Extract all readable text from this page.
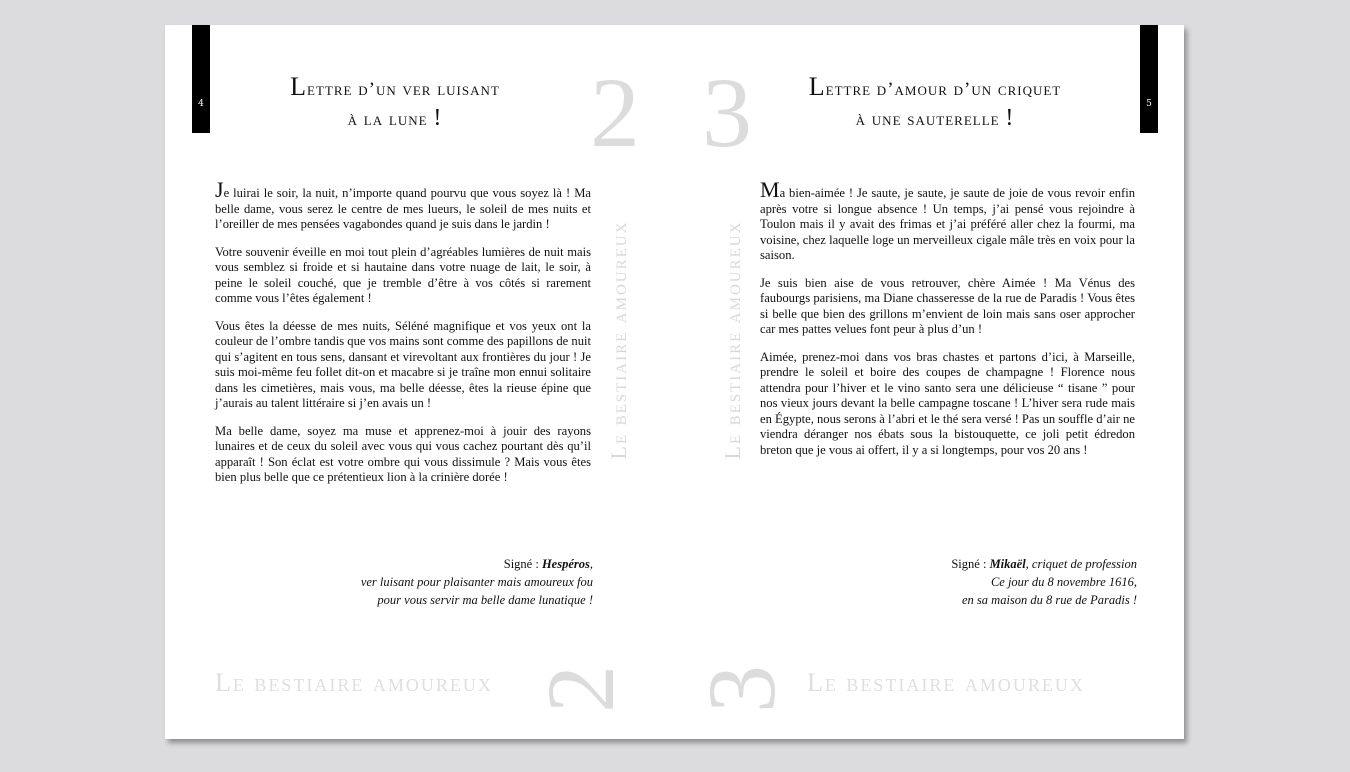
4
Lettre d’un ver luisant
à la lune !	2
Le bestiaire amoureux

Je luirai le soir, la nuit, n’importe quand pourvu que vous soyez là ! Ma belle dame, vous serez le centre de mes lueurs, le soleil de mes nuits et l’oreiller de mes pensées vagabondes quand je suis dans le jardin !

Votre souvenir éveille en moi tout plein d’agréables lumières de nuit mais vous semblez si froide et si hautaine dans votre nuage de lait, le soir, à peine le soleil couché, que je tremble d’être à vos côtés si rarement comme vous l’êtes également !

Vous êtes la déesse de mes nuits, Séléné magnifique et vos yeux ont la couleur de l’ombre tandis que vos mains sont comme des papillons de nuit qui s’agitent en tous sens, dansant et virevoltant aux frontières du jour ! Je suis moi-même feu follet dit-on et macabre si je traîne mon ennui solitaire dans les cimetières, mais vous, ma belle déesse, êtes la rieuse épine que j’aurais au talent littéraire si j’en avais un !

Ma belle dame, soyez ma muse et apprenez-moi à jouir des rayons lunaires et de ceux du soleil avec vous qui vous cachez pourtant dès qu’il apparaît ! Son éclat est votre ombre qui vous dissimule ? Mais vous êtes bien plus belle que ce prétentieux lion à la crinière dorée !

Signé : Hespéros,
ver luisant pour plaisanter mais amoureux fou
pour vous servir ma belle dame lunatique !
Le bestiaire amoureux 2
5
Lettre d’amour d’un criquet
à une sauterelle !
3
Le bestiaire amoureux

Ma bien-aimée ! Je saute, je saute, je saute de joie de vous revoir enfin après votre si longue absence ! Un temps, j’ai pensé vous rejoindre à Toulon mais il y avait des frimas et j’ai préféré aller chez la fourmi, ma voisine, chez laquelle loge un merveilleux cigale mâle très en voix pour la saison.

Je suis bien aise de vous retrouver, chère Aimée ! Ma Vénus des faubourgs parisiens, ma Diane chasseresse de la rue de Paradis ! Vous êtes si belle que bien des grillons m’envient de loin mais sans oser approcher car mes pattes velues font peur à plus d’un !

Aimée, prenez-moi dans vos bras chastes et partons d’ici, à Marseille, prendre le soleil et boire des coupes de champagne ! Florence nous attendra pour l’hiver et le vino santo sera une délicieuse “ tisane ” pour nos vieux jours devant la belle campagne toscane ! L’hiver sera rude mais en Égypte, nous serons à l’abri et le thé sera versé ! Pas un souffle d’air ne viendra déranger nos ébats sous la bistouquette, ce joli petit édredon breton que je vous ai offert, il y a si longtemps, pour vos 20 ans !

Signé : Mikaël, criquet de profession
Ce jour du 8 novembre 1616,
en sa maison du 8 rue de Paradis !
3 Le bestiaire amoureux
